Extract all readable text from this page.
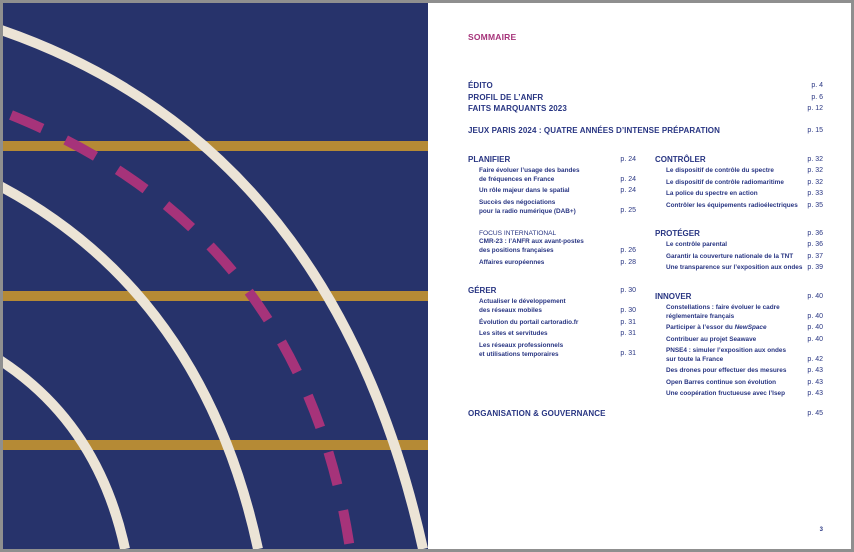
SOMMAIRE
ÉDITO	p. 4
PROFIL DE L’ANFR	p. 6
FAITS MARQUANTS 2023	p. 12
JEUX PARIS 2024 : QUATRE ANNÉES D’INTENSE PRÉPARATION	p. 15
PLANIFIER	p. 24
Faire évoluer l’usage des bandes
de fréquences en France	p. 24
Un rôle majeur dans le spatial	p. 24
Succès des négociations
pour la radio numérique (DAB+)	p. 25
FOCUS INTERNATIONAL
CMR-23 : l’ANFR aux avant-postes
des positions françaises	p. 26
Affaires européennes	p. 28
GÉRER	p. 30
Actualiser le développement
des réseaux mobiles	p. 30
Évolution du portail cartoradio.fr	p. 31
Les sites et servitudes	p. 31
Les réseaux professionnels
et utilisations temporaires	p. 31
CONTRÔLER	p. 32
Le dispositif de contrôle du spectre	p. 32
Le dispositif de contrôle radiomaritime	p. 32
La police du spectre en action	p. 33
Contrôler les équipements radioélectriques p. 35
PROTÉGER	p. 36
Le contrôle parental	p. 36
Garantir la couverture nationale de la TNT p. 37
Une transparence sur l’exposition aux ondes p. 39
INNOVER	p. 40
Constellations : faire évoluer le cadre
réglementaire français	p. 40
Participer à l’essor du NewSpace	p. 40
Contribuer au projet Seawave	p. 40
PNSE4 : simuler l’exposition aux ondes
sur toute la France	p. 42
Des drones pour effectuer des mesures	p. 43
Open Barres continue son évolution	p. 43
Une coopération fructueuse avec l’Isep	p. 43
ORGANISATION & GOUVERNANCE	p. 45
3
